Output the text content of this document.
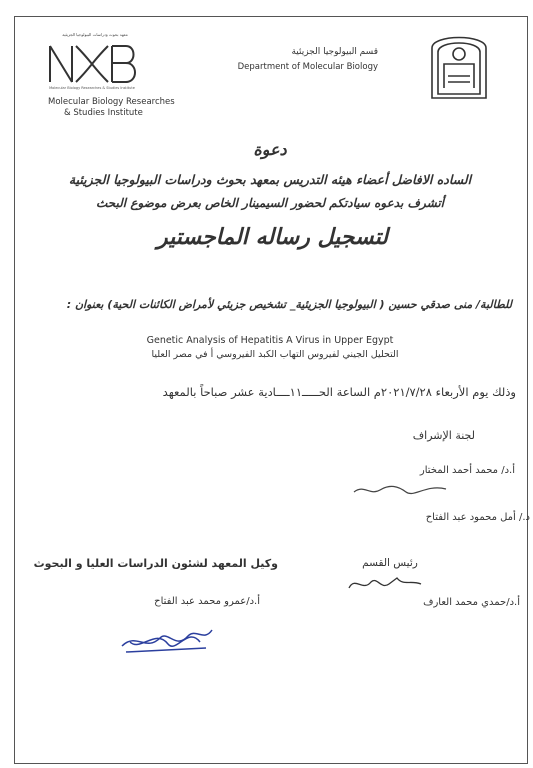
معهد بحوث ودراسات البيولوجيا الجزيئية
Molecular Biology Researches & Studies Institute
Molecular Biology Researches
& Studies Institute
قسم البيولوجيا الجزيئية
Department of Molecular Biology
دعوة
الساده الافاضل أعضاء هيئه التدريس بمعهد بحوث ودراسات البيولوجيا الجزيئية
أتشرف بدعوه سيادتكم لحضور السيمينار الخاص بعرض موضوع البحث
لتسجيل رساله الماجستير
للطالبة/ منى صدقي حسين ( البيولوجيا الجزيئية_ تشخيص جزيئي لأمراض الكائنات الحية) بعنوان :
Genetic Analysis of Hepatitis A Virus in Upper Egypt
التحليل الجيني لفيروس التهاب الكبد الفيروسي أ في مصر العليا
وذلك يوم الأربعاء ٢٠٢١/٧/٢٨م الساعة الحـــــ١١ــــادية عشر صباحاً بالمعهد
لجنة الإشراف
أ.د/ محمد أحمد المختار
د./ أمل محمود عبد الفتاح
رئيس القسم
أ.د/حمدي محمد العارف
وكيل المعهد لشئون الدراسات العليا و البحوث
أ.د/عمرو محمد عبد الفتاح
